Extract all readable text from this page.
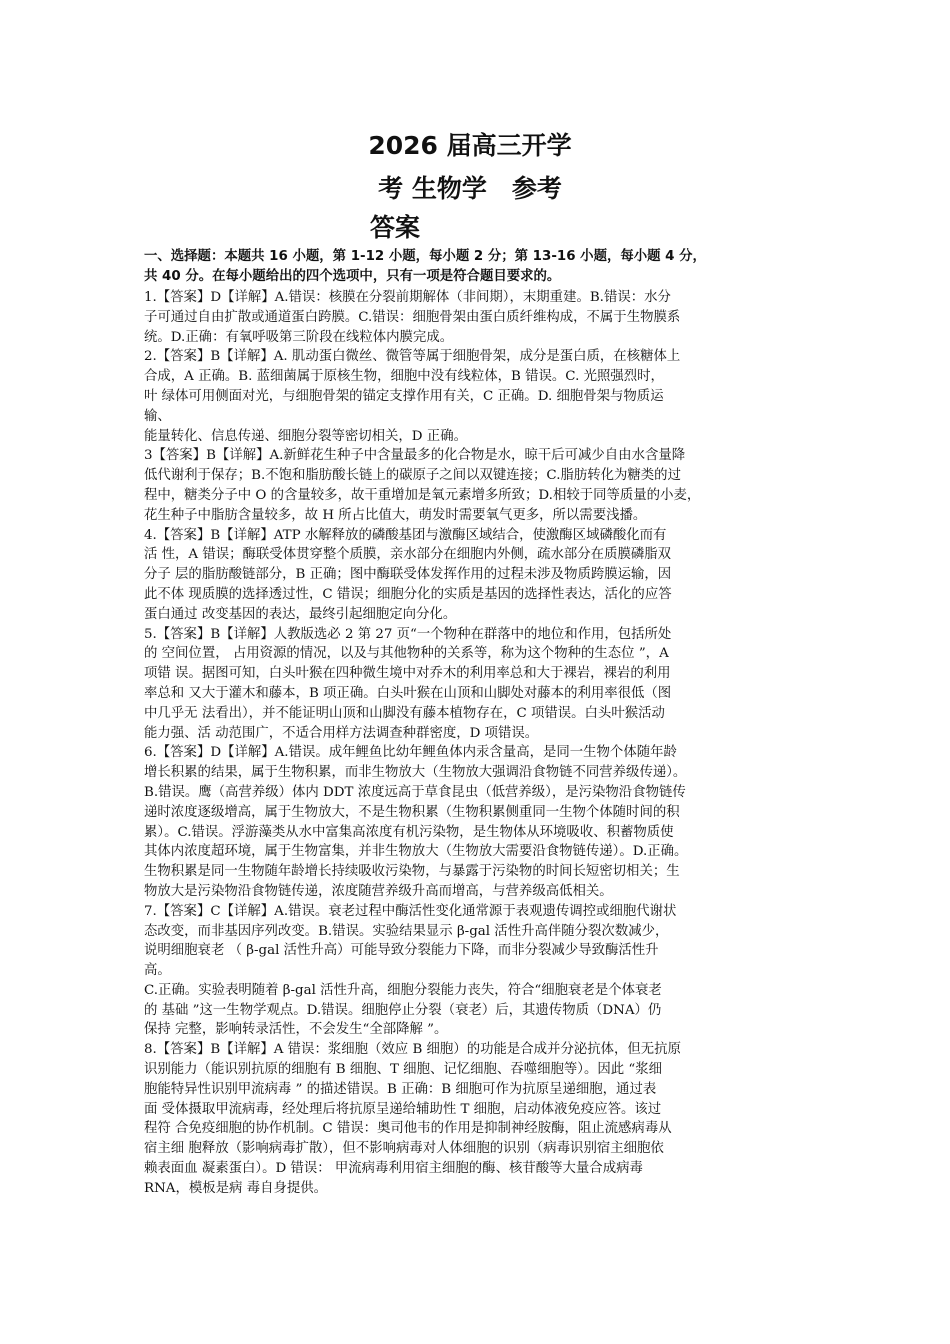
2026 届高三开学
考 生物学　参考
答案
一、选择题：本题共 16 小题，第 1-12 小题，每小题 2 分；第 13-16 小题，每小题 4 分，
共 40 分。在每小题给出的四个选项中，只有一项是符合题目要求的。
1.【答案】D【详解】A.错误：核膜在分裂前期解体（非间期），末期重建。B.错误：水分
子可通过自由扩散或通道蛋白跨膜。C.错误：细胞骨架由蛋白质纤维构成，不属于生物膜系
统。D.正确：有氧呼吸第三阶段在线粒体内膜完成。
2.【答案】B【详解】A. 肌动蛋白微丝、微管等属于细胞骨架，成分是蛋白质，在核糖体上
合成，A 正确。B. 蓝细菌属于原核生物，细胞中没有线粒体，B 错误。C. 光照强烈时，
叶 绿体可用侧面对光，与细胞骨架的锚定支撑作用有关，C 正确。D. 细胞骨架与物质运
输、
能量转化、信息传递、细胞分裂等密切相关，D 正确。
3【答案】B【详解】A.新鲜花生种子中含量最多的化合物是水，晾干后可减少自由水含量降
低代谢利于保存；B.不饱和脂肪酸长链上的碳原子之间以双键连接；C.脂肪转化为糖类的过
程中，糖类分子中 O 的含量较多，故干重增加是氧元素增多所致；D.相较于同等质量的小麦，
花生种子中脂肪含量较多，故 H 所占比值大，萌发时需要氧气更多，所以需要浅播。
4.【答案】B【详解】ATP 水解释放的磷酸基团与激酶区域结合，使激酶区域磷酸化而有
活 性，A 错误；酶联受体贯穿整个质膜，亲水部分在细胞内外侧，疏水部分在质膜磷脂双
分子 层的脂肪酸链部分，B 正确；图中酶联受体发挥作用的过程未涉及物质跨膜运输，因
此不体 现质膜的选择透过性，C 错误；细胞分化的实质是基因的选择性表达，活化的应答
蛋白通过 改变基因的表达，最终引起细胞定向分化。
5.【答案】B【详解】人教版选必 2 第 27 页“一个物种在群落中的地位和作用，包括所处
的 空间位置， 占用资源的情况，以及与其他物种的关系等，称为这个物种的生态位 ”，A
项错 误。据图可知，白头叶猴在四种微生境中对乔木的利用率总和大于裸岩，裸岩的利用
率总和 又大于灌木和藤本，B 项正确。白头叶猴在山顶和山脚处对藤本的利用率很低（图
中几乎无 法看出），并不能证明山顶和山脚没有藤本植物存在，C 项错误。白头叶猴活动
能力强、活 动范围广，不适合用样方法调查种群密度，D 项错误。
6.【答案】D【详解】A.错误。成年鲤鱼比幼年鲤鱼体内汞含量高，是同一生物个体随年龄
增长积累的结果，属于生物积累，而非生物放大（生物放大强调沿食物链不同营养级传递）。
B.错误。鹰（高营养级）体内 DDT 浓度远高于草食昆虫（低营养级），是污染物沿食物链传
递时浓度逐级增高，属于生物放大，不是生物积累（生物积累侧重同一生物个体随时间的积
累）。C.错误。浮游藻类从水中富集高浓度有机污染物，是生物体从环境吸收、积蓄物质使
其体内浓度超环境，属于生物富集，并非生物放大（生物放大需要沿食物链传递）。D.正确。
生物积累是同一生物随年龄增长持续吸收污染物，与暴露于污染物的时间长短密切相关；生
物放大是污染物沿食物链传递，浓度随营养级升高而增高，与营养级高低相关。
7.【答案】C【详解】A.错误。衰老过程中酶活性变化通常源于表观遗传调控或细胞代谢状
态改变，而非基因序列改变。B.错误。实验结果显示 β-gal 活性升高伴随分裂次数减少，
说明细胞衰老 （ β-gal 活性升高）可能导致分裂能力下降，而非分裂减少导致酶活性升
高。
C.正确。实验表明随着 β-gal 活性升高，细胞分裂能力丧失，符合“细胞衰老是个体衰老
的 基础 ”这一生物学观点。D.错误。细胞停止分裂（衰老）后，其遗传物质（DNA）仍
保持 完整，影响转录活性，不会发生“全部降解 ”。
8.【答案】B【详解】A 错误：浆细胞（效应 B 细胞）的功能是合成并分泌抗体，但无抗原
识别能力（能识别抗原的细胞有 B 细胞、T 细胞、记忆细胞、吞噬细胞等）。因此 “浆细
胞能特异性识别甲流病毒 ” 的描述错误。B 正确：B 细胞可作为抗原呈递细胞，通过表
面 受体摄取甲流病毒，经处理后将抗原呈递给辅助性 T 细胞，启动体液免疫应答。该过
程符 合免疫细胞的协作机制。C 错误：奥司他韦的作用是抑制神经胺酶，阻止流感病毒从
宿主细 胞释放（影响病毒扩散），但不影响病毒对人体细胞的识别（病毒识别宿主细胞依
赖表面血 凝素蛋白）。D 错误： 甲流病毒利用宿主细胞的酶、核苷酸等大量合成病毒
RNA，模板是病 毒自身提供。
